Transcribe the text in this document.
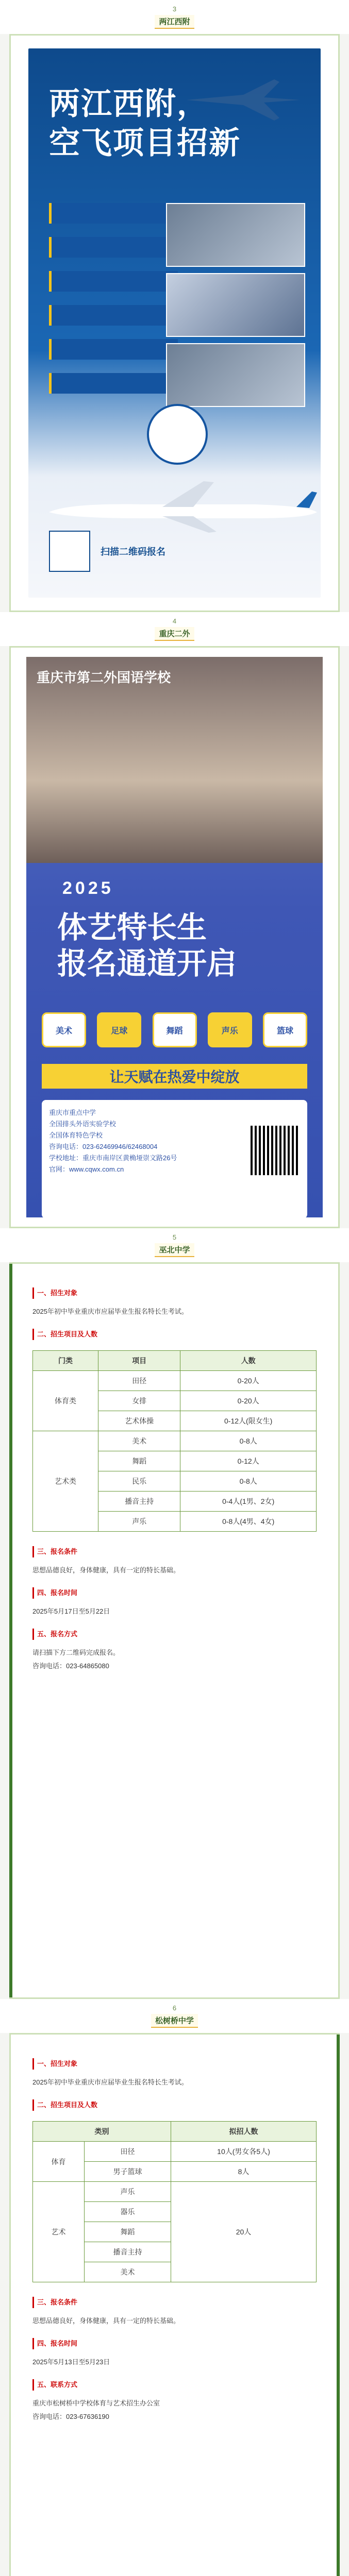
3
两江西附
两江西附，
空飞项目招新
扫描二维码报名
4
重庆二外
重庆市第二外国语学校
2025
体艺特长生
报名通道开启
美术	足球	舞蹈	声乐	篮球
让天赋在热爱中绽放
重庆市重点中学
全国排头外语实验学校
全国体育特色学校
咨询电话：023-62469946/62468004
学校地址：重庆市南岸区黄桷垭崇文路26号
官网：www.cqwx.com.cn
5
巫北中学
一、招生对象
2025年初中毕业重庆市应届毕业生报名特长生考试。
二、招生项目及人数
门类	项目	人数
体育类	田径	0-20人
	女排	0-20人
	艺术体操	0-12人(限女生)
艺术类	美术	0-8人
	舞蹈	0-12人
	民乐	0-8人
	播音主持	0-4人(1男、2女)
	声乐	0-8人(4男、4女)
三、报名条件
思想品德良好，身体健康，具有一定的特长基础。
四、报名时间
2025年5月17日至5月22日
五、报名方式
请扫描下方二维码完成报名。
咨询电话：023-64865080
6
松树桥中学
一、招生对象
2025年初中毕业重庆市应届毕业生报名特长生考试。
二、招生项目及人数
类别		拟招人数
体育	田径	10人(男女各5人)
	男子篮球	8人
艺术	声乐	20人
	器乐	
	舞蹈	
	播音主持	
	美术	
三、报名条件
思想品德良好，身体健康，具有一定的特长基础。
四、报名时间
2025年5月13日至5月23日
五、联系方式
重庆市松树桥中学校体育与艺术招生办公室
咨询电话：023-67636190
